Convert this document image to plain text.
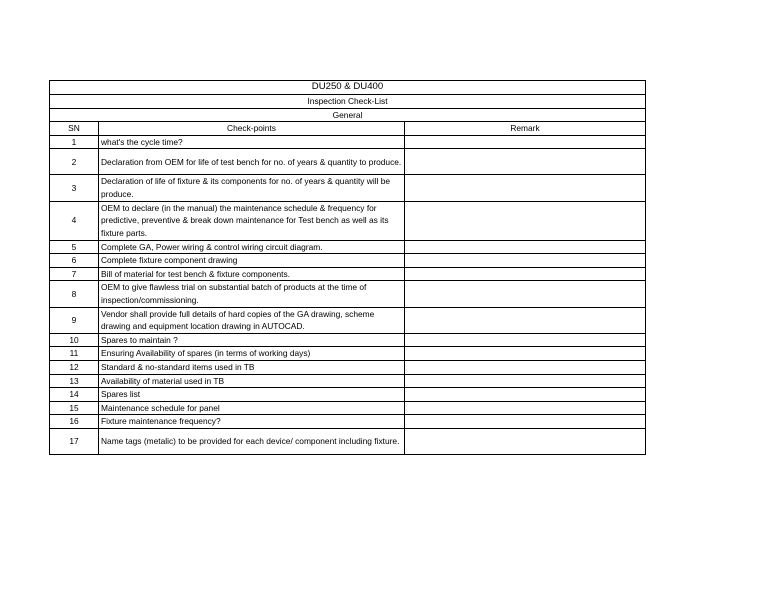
DU250 & DU400		
Inspection Check-List		
General		
SN	Check-points	Remark
1	what's the cycle time?	
2	Declaration from OEM for life of test bench for no. of years & quantity to produce.	
3	Declaration of life of fixture & its components for no. of years & quantity will be produce.	
4	OEM to declare (in the manual) the maintenance schedule & frequency for predictive, preventive & break down maintenance for Test bench as well as its fixture parts.	
5	Complete GA, Power wiring & control wiring circuit diagram.	
6	Complete fixture component drawing	
7	Bill of material for test bench & fixture components.	
8	OEM to give flawless trial on substantial batch of products at the time of inspection/commissioning.	
9	Vendor shall provide full details of hard copies of the GA drawing, scheme drawing and equipment location drawing in AUTOCAD.	
10	Spares to maintain ?	
11	Ensuring Availability of spares (in terms of working days)	
12	Standard & no-standard items used in TB	
13	Availability of material used in TB	
14	Spares list	
15	Maintenance schedule for panel	
16	Fixture maintenance frequency?	
17	Name tags (metalic) to be provided for each device/ component including fixture.	
